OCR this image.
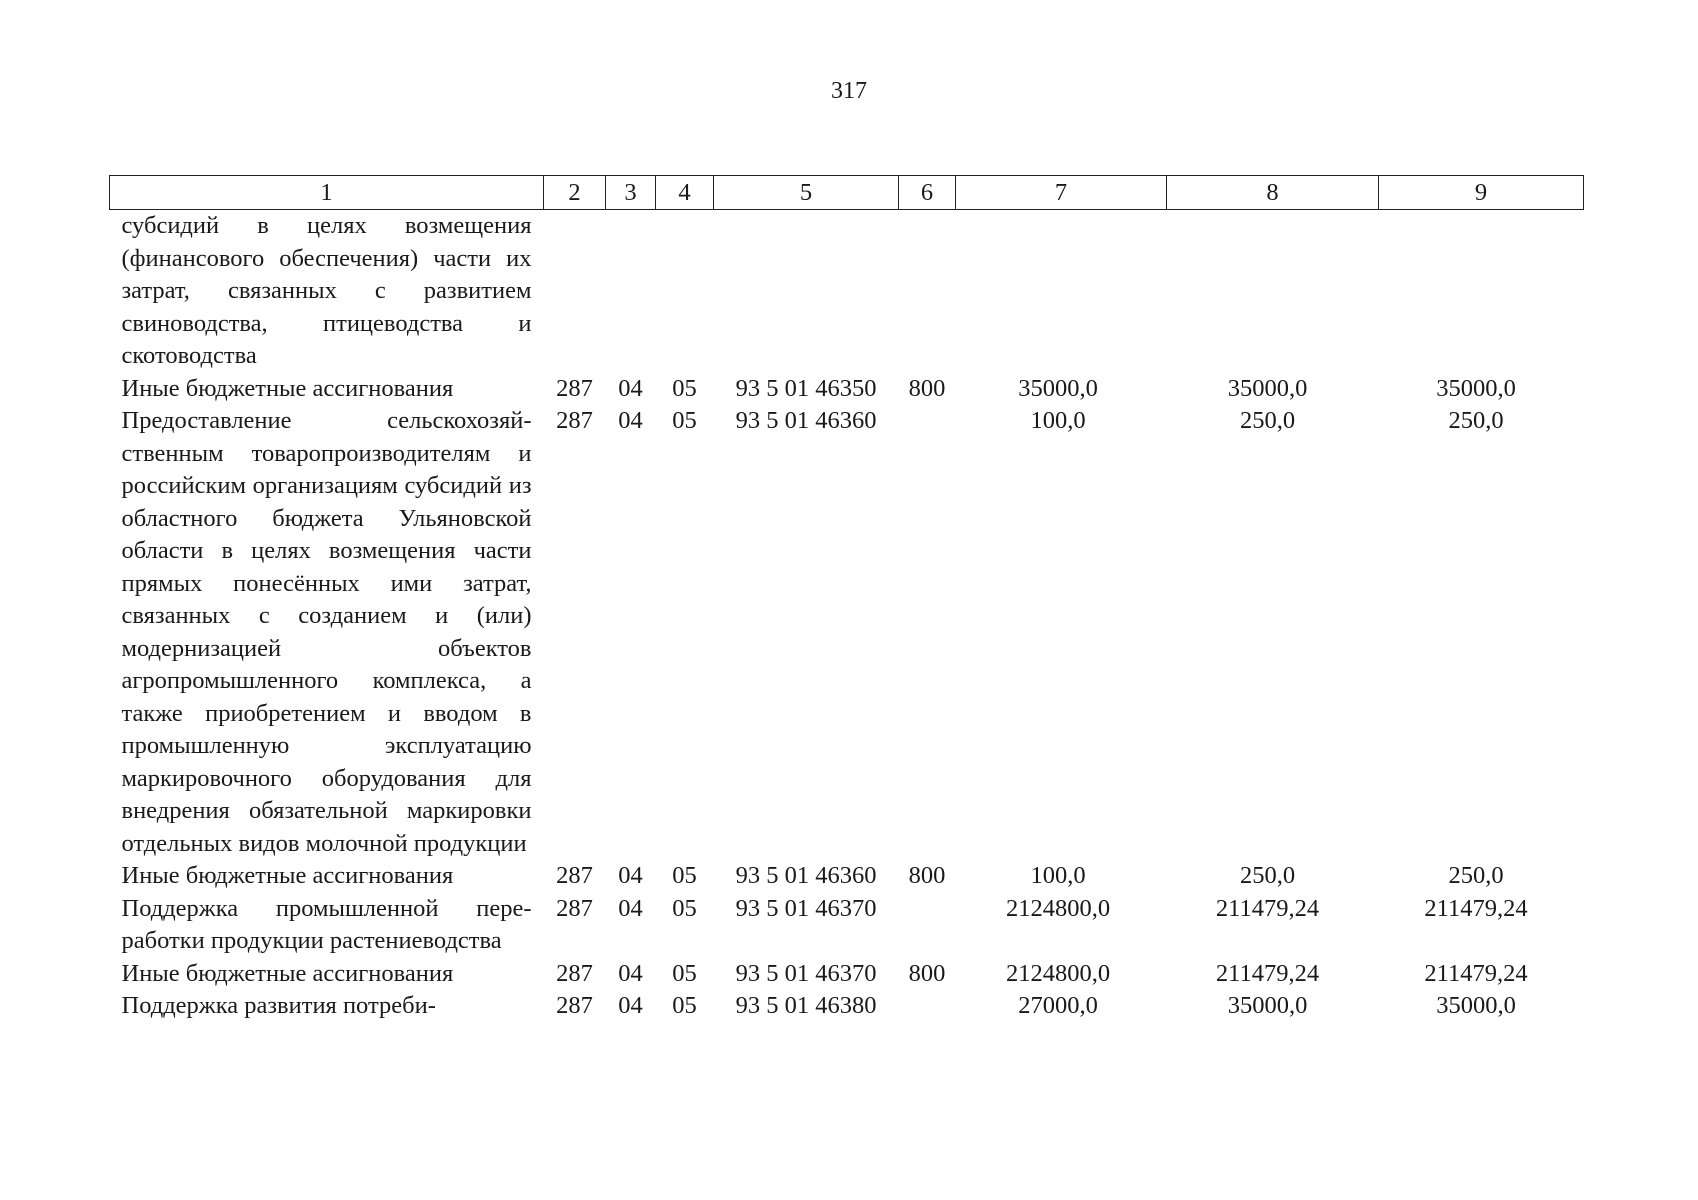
317
1	2	3	4	5	6	7	8	9
субсидий в целях возмещения (финансового обеспечения) части их затрат, связанных с развитием свиноводства, птицеводства и скотоводства								
Иные бюджетные ассигнования	287	04	05	93 5 01 46350	800	35000,0	35000,0	35000,0
Предоставление сельскохозяйственным товаропроизводителям и российским организациям субсидий из областного бюджета Ульяновской области в целях возмещения части прямых понесённых ими затрат, связанных с созданием и (или) модернизацией объектов агропромышленного комплекса, а также приобретением и вводом в промышленную эксплуатацию маркировочного оборудования для внедрения обязательной маркировки отдельных видов молочной продукции	287	04	05	93 5 01 46360		100,0	250,0	250,0
Иные бюджетные ассигнования	287	04	05	93 5 01 46360	800	100,0	250,0	250,0
Поддержка промышленной переработки продукции растениеводства	287	04	05	93 5 01 46370		2124800,0	211479,24	211479,24
Иные бюджетные ассигнования	287	04	05	93 5 01 46370	800	2124800,0	211479,24	211479,24
Поддержка развития потреби-	287	04	05	93 5 01 46380		27000,0	35000,0	35000,0
